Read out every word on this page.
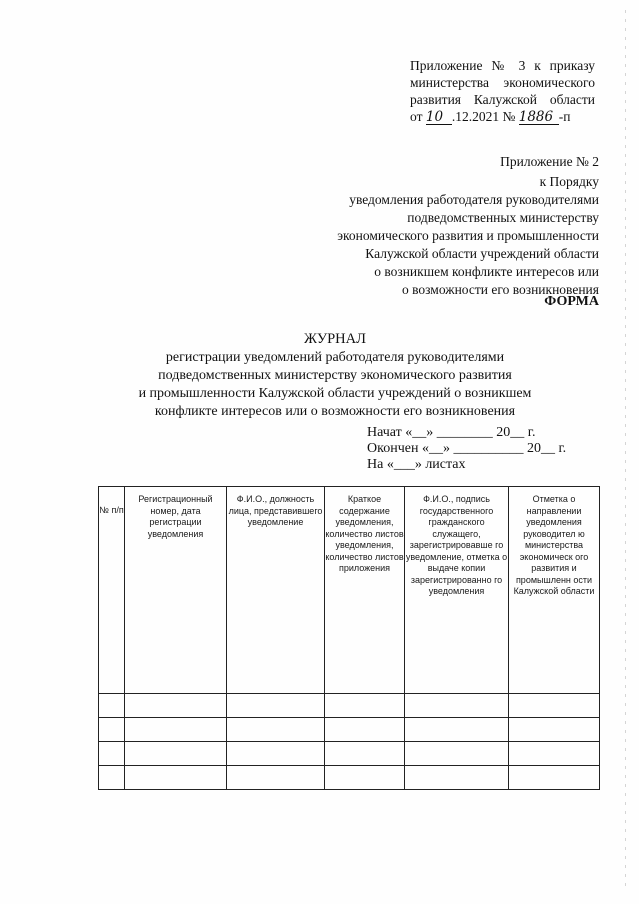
Приложение № 3 к приказу
министерства экономического
развития Калужской области
от 10 .12.2021 № 1886 -п
Приложение № 2
к Порядку
уведомления работодателя руководителями
подведомственных министерству
экономического развития и промышленности
Калужской области учреждений области
о возникшем конфликте интересов или
о возможности его возникновения
ФОРМА
ЖУРНАЛ
регистрации уведомлений работодателя руководителями
подведомственных министерству экономического развития
и промышленности Калужской области учреждений о возникшем
конфликте интересов или о возможности его возникновения
Начат «__» ________ 20__ г.
Окончен «__» __________ 20__ г.
На «___» листах
№ п/п	Регистрационный номер, дата регистрации уведомления	Ф.И.О., должность лица, представившего уведомление	Краткое содержание уведомления, количество листов уведомления, количество листов приложения	Ф.И.О., подпись государственного гражданского служащего, зарегистрировавше го уведомление, отметка о выдаче копии зарегистрированно го уведомления	Отметка о направлении уведомления руководител ю министерства экономическ ого развития и промышленн ости Калужской области
